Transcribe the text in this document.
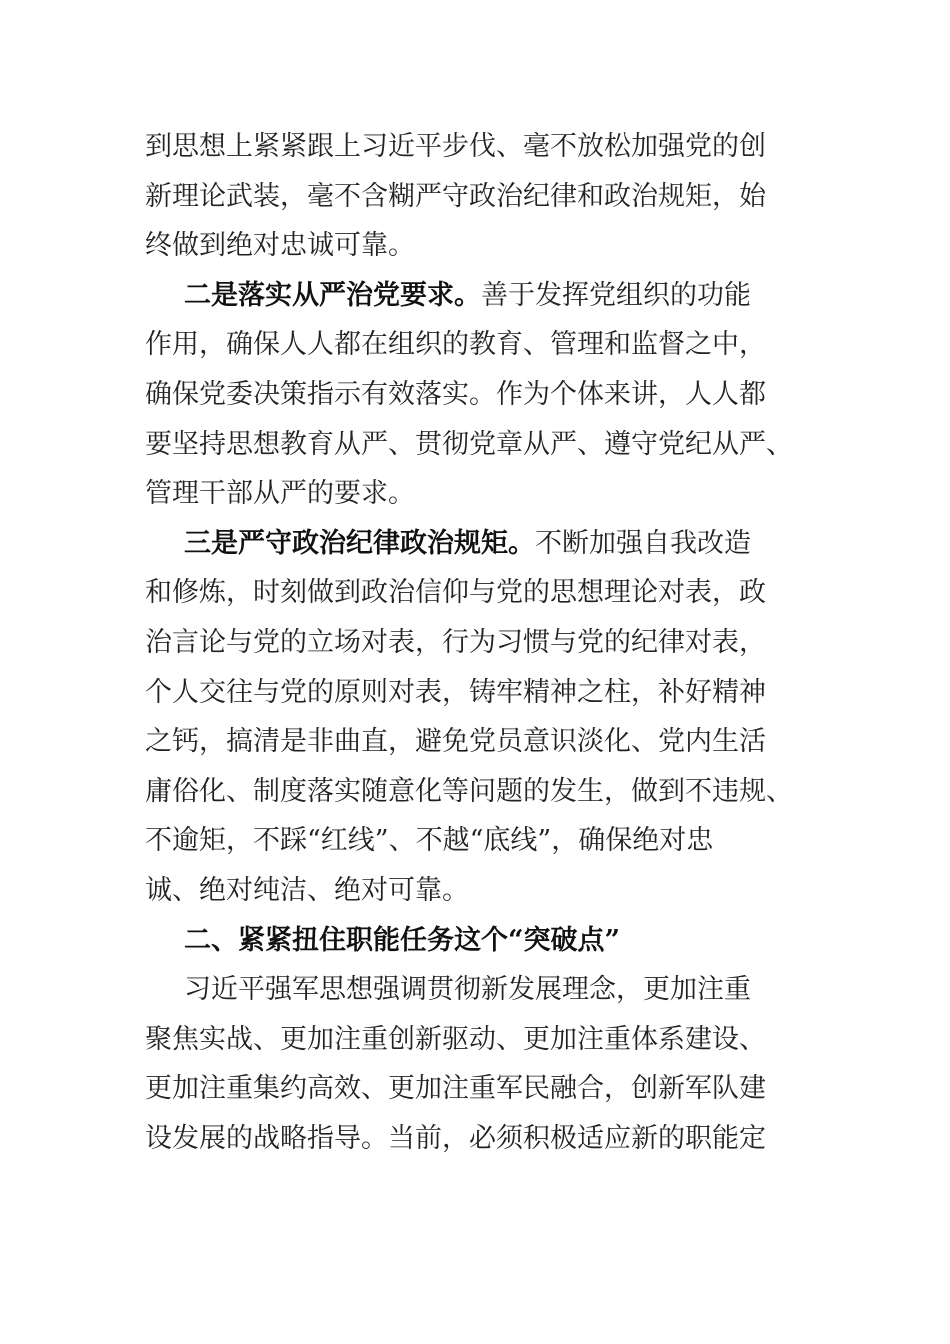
到思想上紧紧跟上习近平步伐、毫不放松加强党的创
新理论武装，毫不含糊严守政治纪律和政治规矩，始
终做到绝对忠诚可靠。
二是落实从严治党要求。善于发挥党组织的功能
作用，确保人人都在组织的教育、管理和监督之中，
确保党委决策指示有效落实。作为个体来讲，人人都
要坚持思想教育从严、贯彻党章从严、遵守党纪从严、
管理干部从严的要求。
三是严守政治纪律政治规矩。不断加强自我改造
和修炼，时刻做到政治信仰与党的思想理论对表，政
治言论与党的立场对表，行为习惯与党的纪律对表，
个人交往与党的原则对表，铸牢精神之柱，补好精神
之钙，搞清是非曲直，避免党员意识淡化、党内生活
庸俗化、制度落实随意化等问题的发生，做到不违规、
不逾矩，不踩“红线”、不越“底线”，确保绝对忠
诚、绝对纯洁、绝对可靠。
二、紧紧扭住职能任务这个“突破点”
习近平强军思想强调贯彻新发展理念，更加注重
聚焦实战、更加注重创新驱动、更加注重体系建设、
更加注重集约高效、更加注重军民融合，创新军队建
设发展的战略指导。当前，必须积极适应新的职能定
